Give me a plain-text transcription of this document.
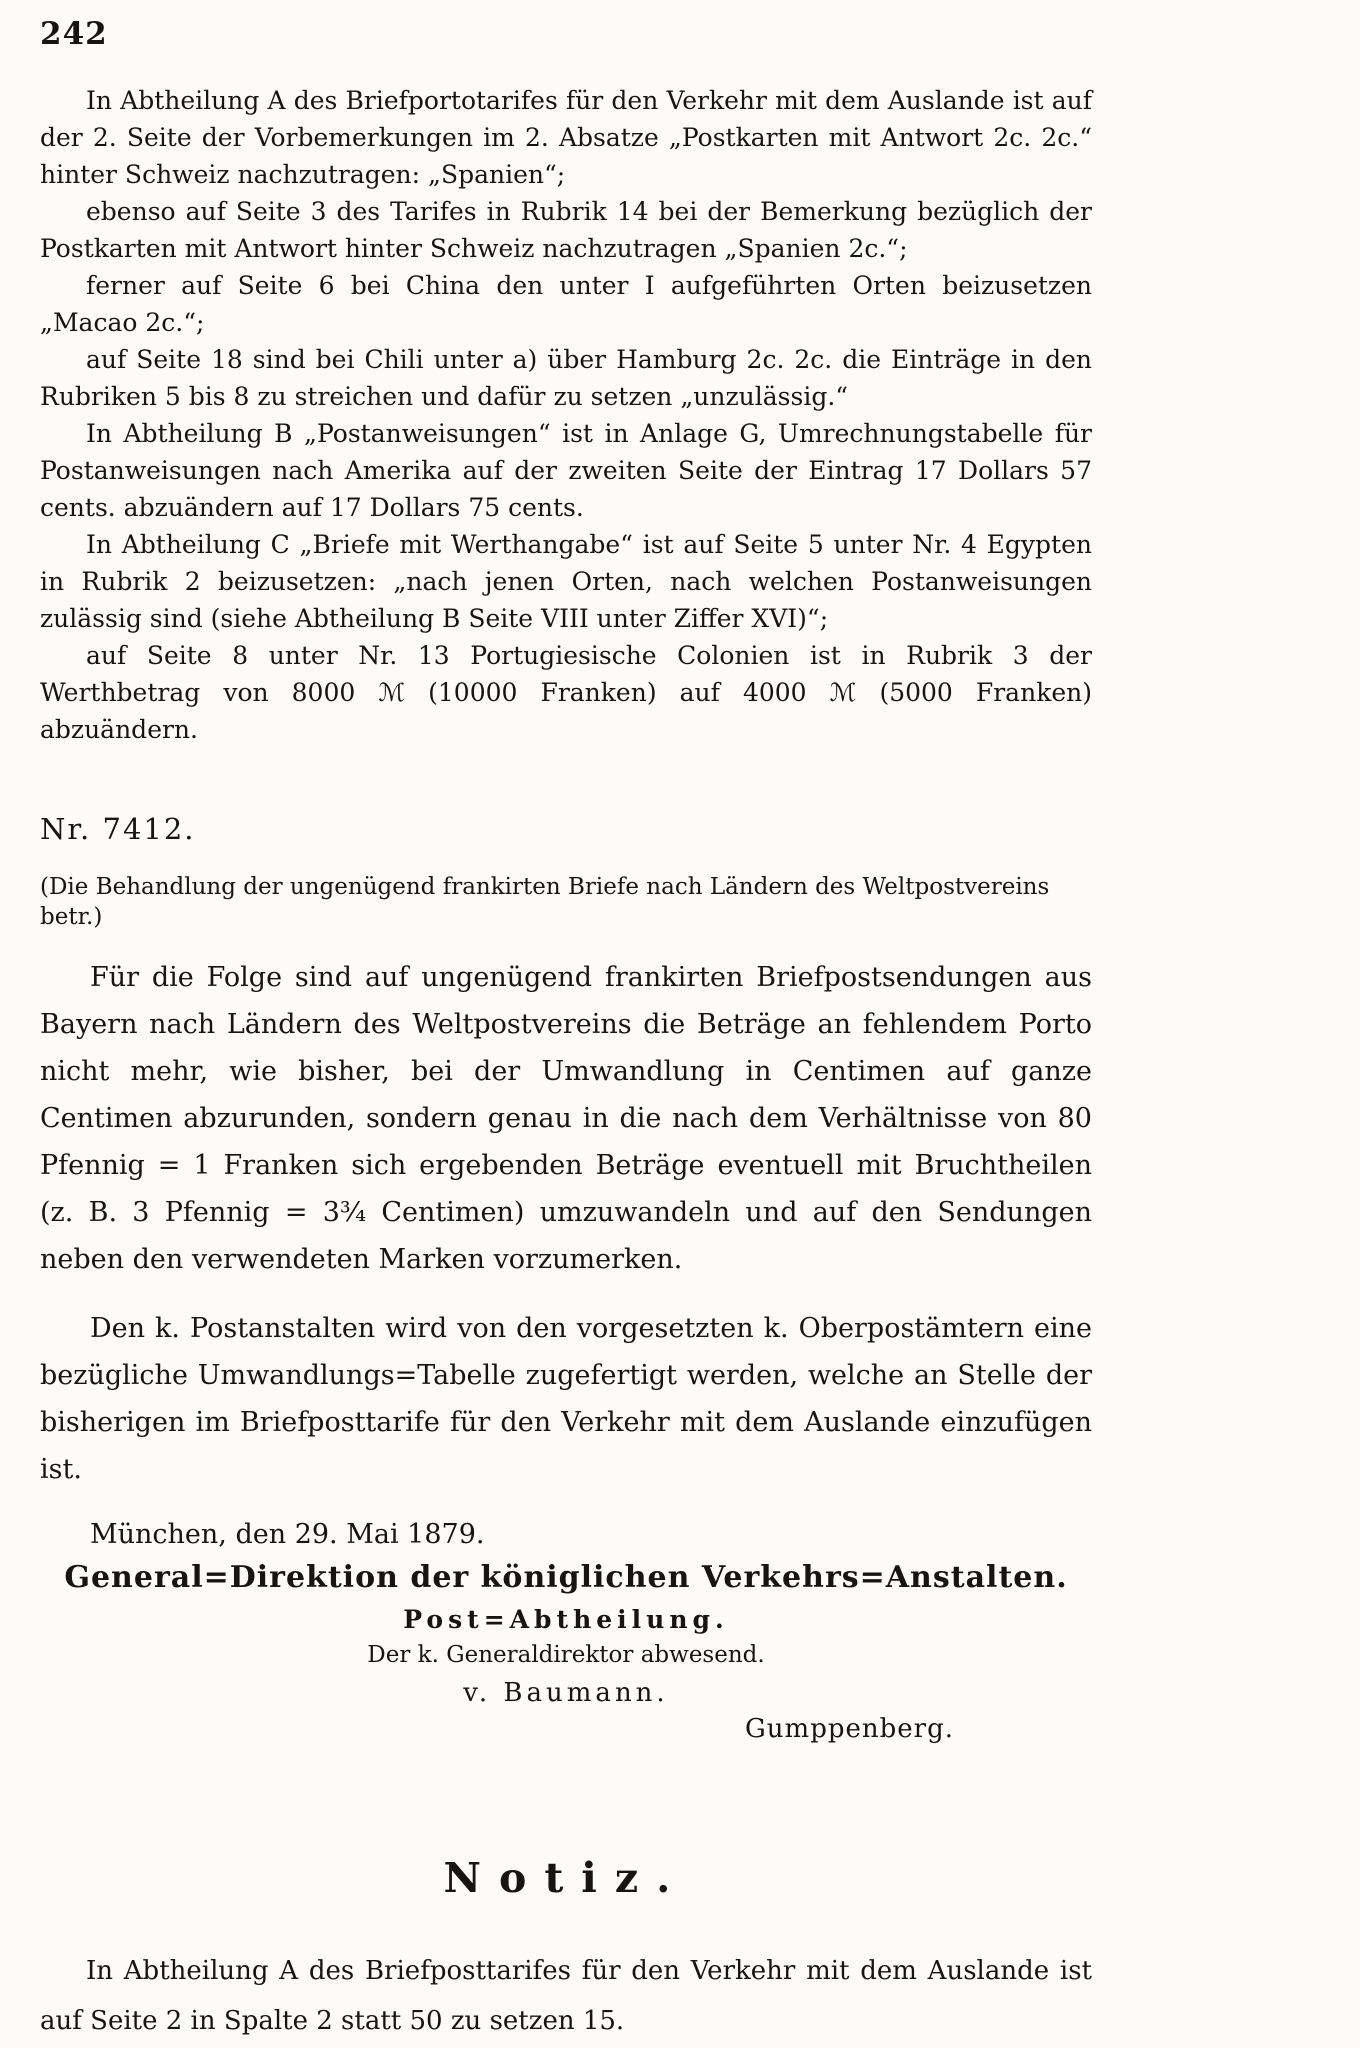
242

In Abtheilung A des Briefportotarifes für den Verkehr mit dem Auslande ist auf der 2. Seite der Vorbemerkungen im 2. Absatze „Postkarten mit Antwort 2c. 2c.“ hinter Schweiz nachzutragen: „Spanien“;

ebenso auf Seite 3 des Tarifes in Rubrik 14 bei der Bemerkung bezüglich der Postkarten mit Antwort hinter Schweiz nachzutragen „Spanien 2c.“;

ferner auf Seite 6 bei China den unter I aufgeführten Orten beizusetzen „Macao 2c.“;

auf Seite 18 sind bei Chili unter a) über Hamburg 2c. 2c. die Einträge in den Rubriken 5 bis 8 zu streichen und dafür zu setzen „unzulässig.“

In Abtheilung B „Postanweisungen“ ist in Anlage G, Umrechnungstabelle für Postanweisungen nach Amerika auf der zweiten Seite der Eintrag 17 Dollars 57 cents. abzuändern auf 17 Dollars 75 cents.

In Abtheilung C „Briefe mit Werthangabe“ ist auf Seite 5 unter Nr. 4 Egypten in Rubrik 2 beizusetzen: „nach jenen Orten, nach welchen Postanweisungen zulässig sind (siehe Abtheilung B Seite VIII unter Ziffer XVI)“;

auf Seite 8 unter Nr. 13 Portugiesische Colonien ist in Rubrik 3 der Werthbetrag von 8000 ℳ (10000 Franken) auf 4000 ℳ (5000 Franken) abzuändern.

Nr. 7412.

(Die Behandlung der ungenügend frankirten Briefe nach Ländern des Weltpostvereins betr.)

Für die Folge sind auf ungenügend frankirten Briefpostsendungen aus Bayern nach Ländern des Weltpostvereins die Beträge an fehlendem Porto nicht mehr, wie bisher, bei der Umwandlung in Centimen auf ganze Centimen abzurunden, sondern genau in die nach dem Verhältnisse von 80 Pfennig = 1 Franken sich ergebenden Beträge eventuell mit Bruchtheilen (z. B. 3 Pfennig = 3¾ Centimen) umzuwandeln und auf den Sendungen neben den verwendeten Marken vorzumerken.

Den k. Postanstalten wird von den vorgesetzten k. Oberpostämtern eine bezügliche Umwandlungs=Tabelle zugefertigt werden, welche an Stelle der bisherigen im Briefposttarife für den Verkehr mit dem Auslande einzufügen ist.

München, den 29. Mai 1879.

General=Direktion der königlichen Verkehrs=Anstalten.
Post=Abtheilung.
Der k. Generaldirektor abwesend.
v. Baumann.
Gumppenberg.
Notiz.

In Abtheilung A des Briefposttarifes für den Verkehr mit dem Auslande ist auf Seite 2 in Spalte 2 statt 50 zu setzen 15.
